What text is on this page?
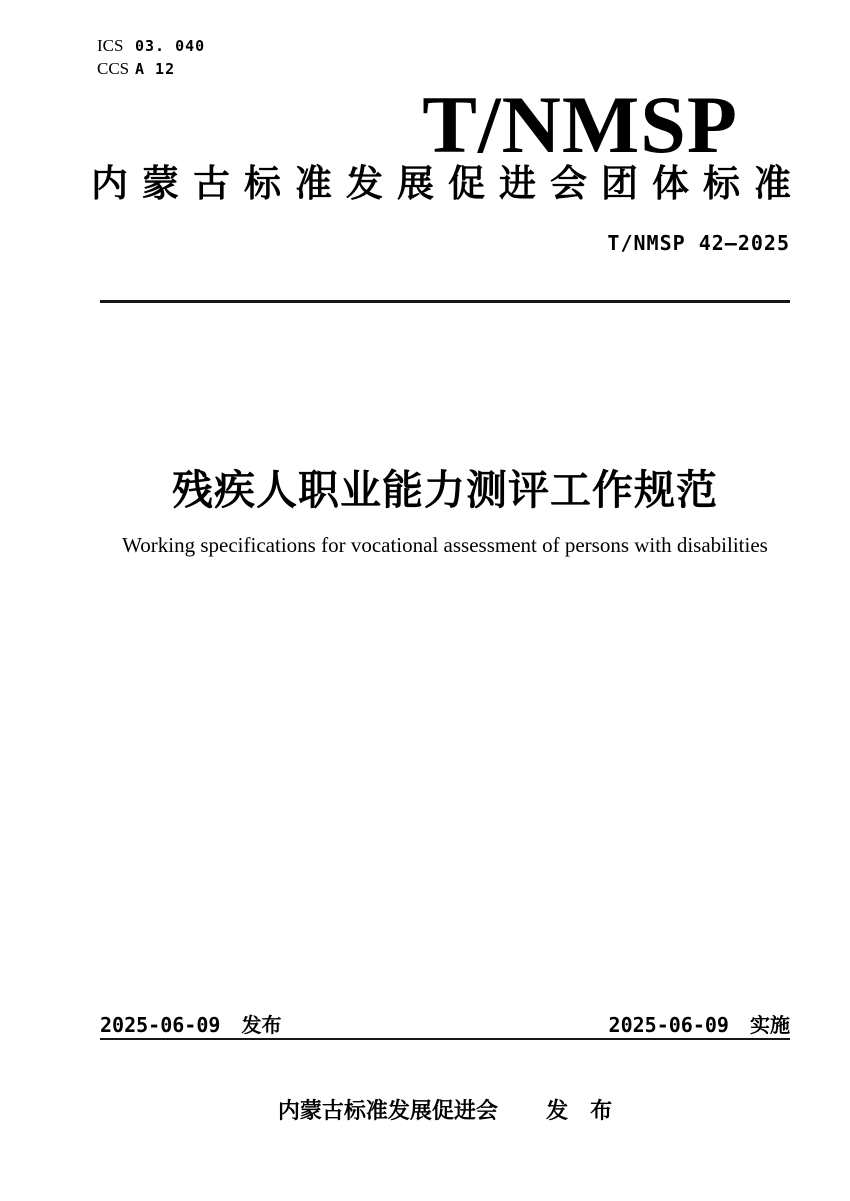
ICS 03. 040
CCS A 12
T/NMSP
内蒙古标准发展促进会团体标准
T/NMSP 42—2025
残疾人职业能力测评工作规范
Working specifications for vocational assessment of persons with disabilities
2025-06-09 发布	2025-06-09 实施
内蒙古标准发展促进会 发　布
